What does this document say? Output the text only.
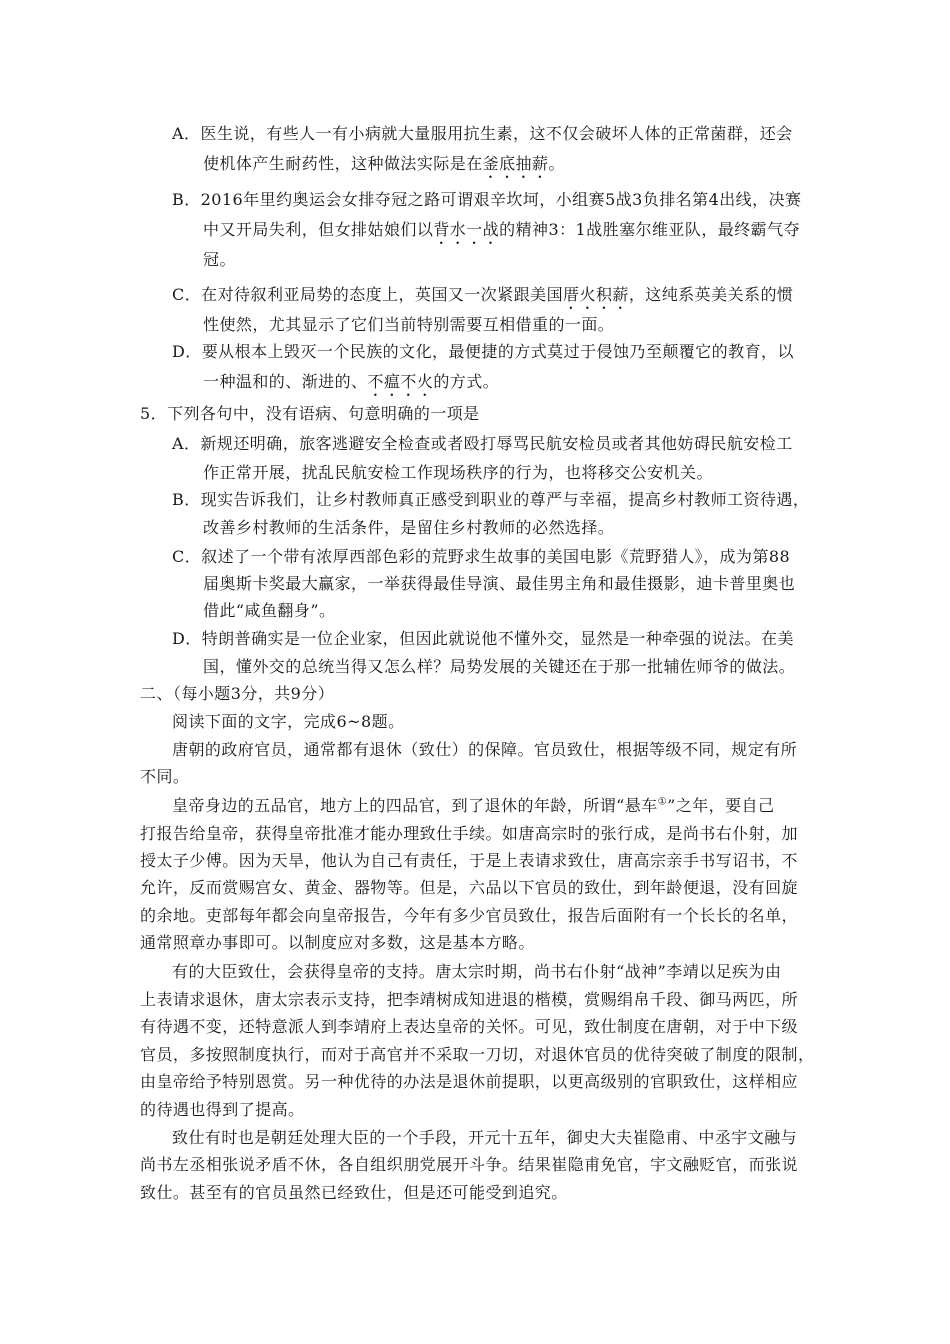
A．医生说，有些人一有小病就大量服用抗生素，这不仅会破坏人体的正常菌群，还会
使机体产生耐药性，这种做法实际是在釜底抽薪。
B．2016年里约奥运会女排夺冠之路可谓艰辛坎坷，小组赛5战3负排名第4出线，决赛
中又开局失利，但女排姑娘们以背水一战的精神3：1战胜塞尔维亚队，最终霸气夺
冠。
C．在对待叙利亚局势的态度上，英国又一次紧跟美国厝火积薪，这纯系英美关系的惯
性使然，尤其显示了它们当前特别需要互相借重的一面。
D．要从根本上毁灭一个民族的文化，最便捷的方式莫过于侵蚀乃至颠覆它的教育，以
一种温和的、渐进的、不瘟不火的方式。
5．下列各句中，没有语病、句意明确的一项是
A．新规还明确，旅客逃避安全检查或者殴打辱骂民航安检员或者其他妨碍民航安检工
作正常开展，扰乱民航安检工作现场秩序的行为，也将移交公安机关。
B．现实告诉我们，让乡村教师真正感受到职业的尊严与幸福，提高乡村教师工资待遇，
改善乡村教师的生活条件，是留住乡村教师的必然选择。
C．叙述了一个带有浓厚西部色彩的荒野求生故事的美国电影《荒野猎人》，成为第88
届奥斯卡奖最大赢家，一举获得最佳导演、最佳男主角和最佳摄影，迪卡普里奥也
借此“咸鱼翻身”。
D．特朗普确实是一位企业家，但因此就说他不懂外交，显然是一种牵强的说法。在美
国，懂外交的总统当得又怎么样？局势发展的关键还在于那一批辅佐师爷的做法。
二、（每小题3分，共9分）
阅读下面的文字，完成6~8题。
唐朝的政府官员，通常都有退休（致仕）的保障。官员致仕，根据等级不同，规定有所
不同。
皇帝身边的五品官，地方上的四品官，到了退休的年龄，所谓“悬车①”之年，要自己
打报告给皇帝，获得皇帝批准才能办理致仕手续。如唐高宗时的张行成，是尚书右仆射，加
授太子少傅。因为天旱，他认为自己有责任，于是上表请求致仕，唐高宗亲手书写诏书，不
允许，反而赏赐宫女、黄金、器物等。但是，六品以下官员的致仕，到年龄便退，没有回旋
的余地。吏部每年都会向皇帝报告，今年有多少官员致仕，报告后面附有一个长长的名单，
通常照章办事即可。以制度应对多数，这是基本方略。
有的大臣致仕，会获得皇帝的支持。唐太宗时期，尚书右仆射“战神”李靖以足疾为由
上表请求退休，唐太宗表示支持，把李靖树成知进退的楷模，赏赐绢帛千段、御马两匹，所
有待遇不变，还特意派人到李靖府上表达皇帝的关怀。可见，致仕制度在唐朝，对于中下级
官员，多按照制度执行，而对于高官并不采取一刀切，对退休官员的优待突破了制度的限制，
由皇帝给予特别恩赏。另一种优待的办法是退休前提职，以更高级别的官职致仕，这样相应
的待遇也得到了提高。
致仕有时也是朝廷处理大臣的一个手段，开元十五年，御史大夫崔隐甫、中丞宇文融与
尚书左丞相张说矛盾不休，各自组织朋党展开斗争。结果崔隐甫免官，宇文融贬官，而张说
致仕。甚至有的官员虽然已经致仕，但是还可能受到追究。
